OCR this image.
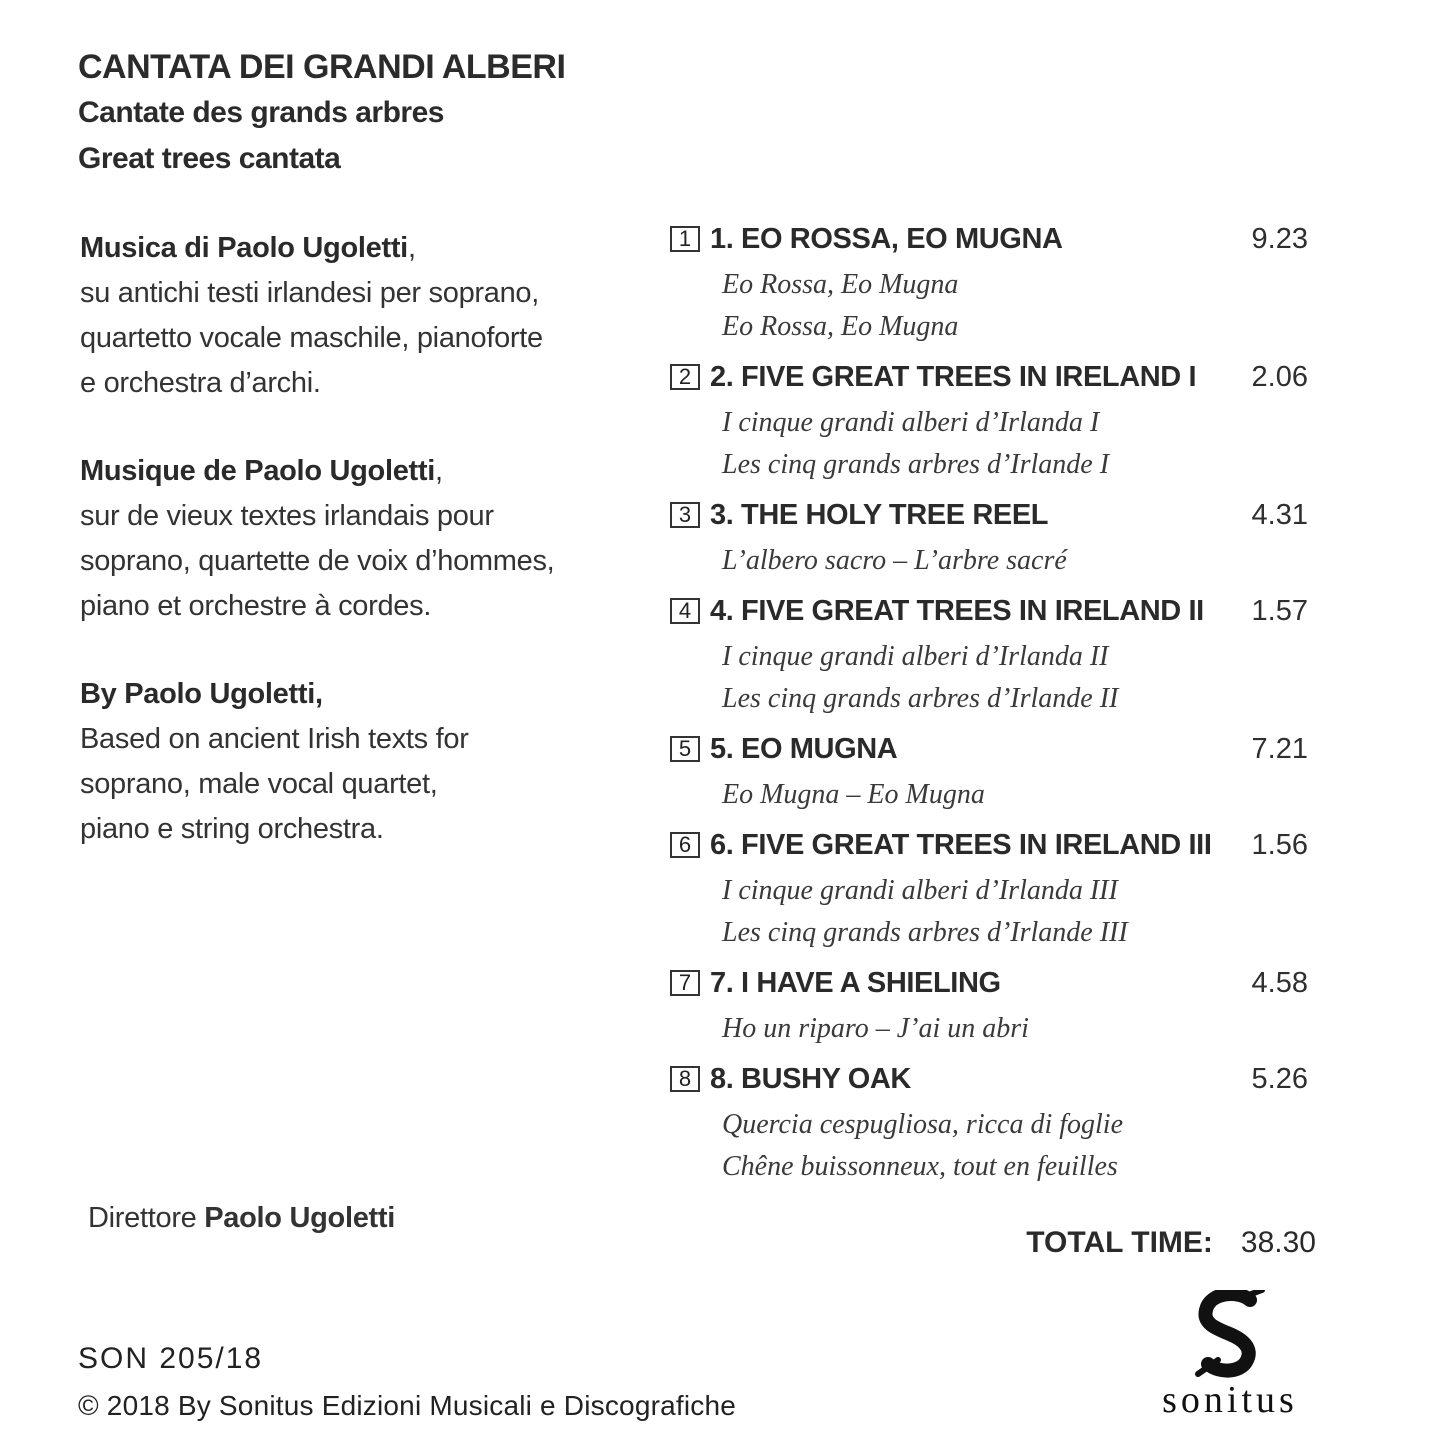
CANTATA DEI GRANDI ALBERI
Cantate des grands arbres
Great trees cantata
Musica di Paolo Ugoletti,
su antichi testi irlandesi per soprano,
quartetto vocale maschile, pianoforte
e orchestra d’archi.
Musique de Paolo Ugoletti,
sur de vieux textes irlandais pour
soprano, quartette de voix d’hommes,
piano et orchestre à cordes.
By Paolo Ugoletti,
Based on ancient Irish texts for
soprano, male vocal quartet,
piano e string orchestra.
Direttore Paolo Ugoletti
1 1. EO ROSSA, EO MUGNA	9.23
Eo Rossa, Eo Mugna
Eo Rossa, Eo Mugna
2 2. FIVE GREAT TREES IN IRELAND I 2.06
I cinque grandi alberi d’Irlanda I
Les cinq grands arbres d’Irlande I
3 3. THE HOLY TREE REEL	4.31
L’albero sacro – L’arbre sacré
4 4. FIVE GREAT TREES IN IRELAND II 1.57
I cinque grandi alberi d’Irlanda II
Les cinq grands arbres d’Irlande II
5 5. EO MUGNA	7.21
Eo Mugna – Eo Mugna
6 6. FIVE GREAT TREES IN IRELAND III 1.56
I cinque grandi alberi d’Irlanda III
Les cinq grands arbres d’Irlande III
7 7. I HAVE A SHIELING	4.58
Ho un riparo – J’ai un abri
8 8. BUSHY OAK	5.26
Quercia cespugliosa, ricca di foglie
Chêne buissonneux, tout en feuilles
TOTAL TIME: 38.30
SON 205/18
© 2018 By Sonitus Edizioni Musicali e Discografiche	sonitus
